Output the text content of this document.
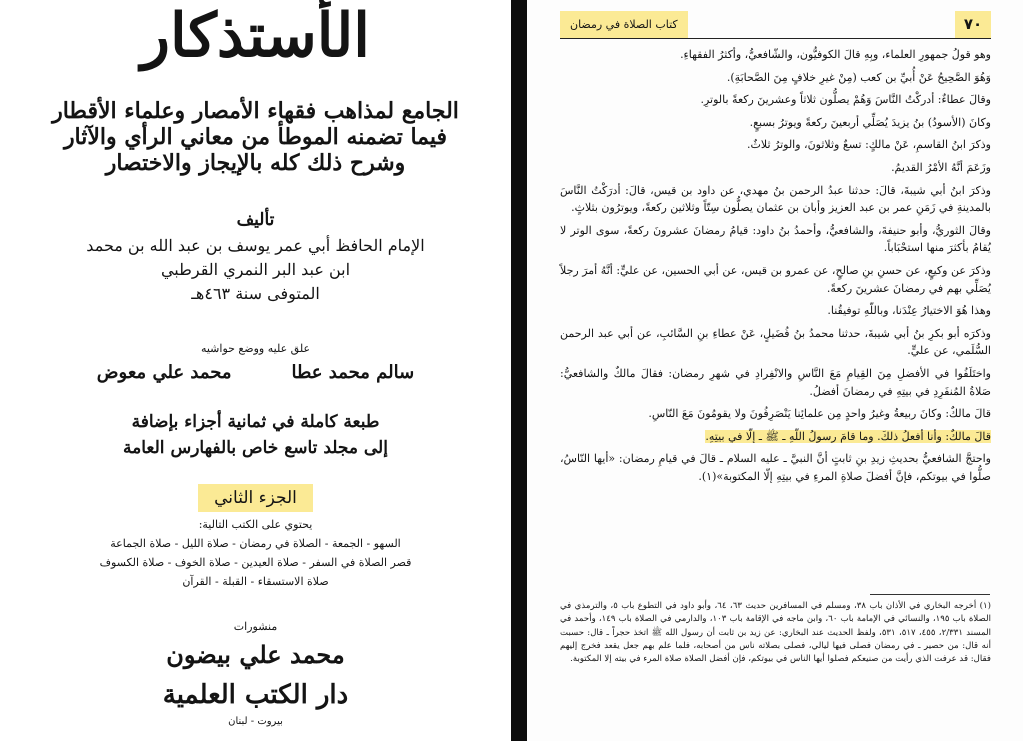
الأستذكار
الجامع لمذاهب فقهاء الأمصار وعلماء الأقطار
فيما تضمنه الموطأ من معاني الرأي والآثار
وشرح ذلك كله بالإيجاز والاختصار
تأليف
الإمام الحافظ أبي عمر يوسف بن عبد الله بن محمد
ابن عبد البر النمري القرطبي
المتوفى سنة ٤٦٣هـ
علق عليه ووضع حواشيه
سالم محمد عطا
محمد علي معوض
طبعة كاملة في ثمانية أجزاء بإضافة
إلى مجلد تاسع خاص بالفهارس العامة
الجزء الثاني
يحتوي على الكتب التالية:
السهو - الجمعة - الصلاة في رمضان - صلاة الليل - صلاة الجماعة
قصر الصلاة في السفر - صلاة العيدين - صلاة الخوف - صلاة الكسوف
صلاة الاستسقاء - القبلة - القرآن
منشورات
محمد علي بيضون
دار الكتب العلمية
بيروت - لبنان
٧٠
كتاب الصلاة في رمضان

وهو قولُ جمهورِ العلماء، وبِهِ قالَ الكوفيُّون، والشّافعيُّ، وأكثرُ الفقهاءِ.

وَهُوَ الصَّحِيحُ عَنْ أُبيِّ بن كعب (مِنْ غيرِ خلافٍ مِنَ الصَّحابَةِ).

وقالَ عطاءٌ: أدركْتُ النَّاسَ وَهُمْ يصلُّون ثلاثاً وعشرينَ ركعةً بالوترِ.

وكانَ (الأسودُ) بنُ يزيدَ يُصَلِّي أربعينَ ركعةً ويوترُ بسبعٍ.

وذكرَ ابنُ القاسمِ، عَنْ مالكٍ: تسعٌ وثلاثونَ، والوترُ ثلاثٌ.

وزَعَمَ أنَّهُ الأمْرُ القديمُ.

وذكرَ ابنُ أبي شيبةَ، قالَ: حدثنا عبدُ الرحمن بنُ مهدي، عن داود بن قيس، قالَ: أدرَكْتُ النَّاسَ بالمدينةِ في زَمَنِ عمر بن عبد العزيز وأبان بن عثمان يصلُّون سِتّاً وثلاثين ركعةً، ويوترُون بثلاثٍ.

وقالَ الثوريُّ، وأبو حنيفةَ، والشافعيُّ، وأحمدُ بنُ داود: قيامُ رمضانَ عشرونَ ركعةً، سوى الوتر لا يُقامُ بأكثرَ منها استحْبَاباً.

وذكرَ عن وكيعٍ، عن حسنِ بنِ صالحٍ، عن عمرو بن قيس، عن أبي الحسين، عن عليٍّ: أنَّهُ أمرَ رجلاً يُصَلِّي بهم في رمضانَ عشرينَ ركعةً.

وهذا هُوَ الاختيارُ عِنْدَنا، وباللّهِ توفيقُنا.

وذكرَه أبو بكرِ بنُ أبي شيبةَ، حدثنا محمدُ بنُ فُضَيلٍ، عَنْ عطاءِ بنِ السَّائبِ، عن أبي عبد الرحمن السُّلَمي، عن عليٍّ.

واختَلَفُوا في الأفضلِ مِنَ القِيامِ مَعَ النَّاسِ والانْفِرادِ في شهرِ رمضان: فقالَ مالكٌ والشافعيُّ: صَلاةُ المُنفَرِدِ في بيتِهِ في رمضانَ أفضلُ.

قالَ مالكٌ: وكانَ ربيعةُ وغيرُ واحدٍ مِن علمائِنا يَنْصَرِفُونَ ولا يقومُونَ مَعَ النّاسِ.

قالَ مالكٌ: وأنا أفعلُ ذلكَ. وما قامَ رسولُ اللّهِ ـ ﷺ ـ إلّا في بيتِهِ.

واحتجَّ الشافعيُّ بحديثِ زيدِ بنِ ثابتٍ أنَّ النبيَّ ـ عليه السلام ـ قالَ في قيامِ رمضان: «أيها النّاسُ، صلُّوا في بيوتكم، فإنَّ أفضلَ صلاةِ المرءِ في بيتِهِ إلّا المكتوبة»(١).

(١) أخرجه البخاري في الأذان باب ٣٨، ومسلم في المسافرين حديث ٦٣، ٦٤، وأبو داود في التطوع باب ٥، والترمذي في الصلاة باب ١٩٥، والنسائي في الإمامة باب ٦٠، وابن ماجه في الإقامة باب ١٠٣، والدارمي في الصلاة باب ١٤٩، وأحمد في المسند ٢/٣٣١، ٤٥٥، ٥١٧، ٥٣١، ولفظ الحديث عند البخاري: عن زيد بن ثابت أن رسول الله ﷺ اتخذ حجراً ـ قال: حسبت أنه قال: من حصير ـ في رمضان فصلى فيها ليالي، فصلى بصلاته ناس من أصحابه، فلما علم بهم جعل يقعد فخرج إليهم فقال: قد عرفت الذي رأيت من صنيعكم فصلوا أيها الناس في بيوتكم، فإن أفضل الصلاة صلاة المرء في بيته إلا المكتوبة.
